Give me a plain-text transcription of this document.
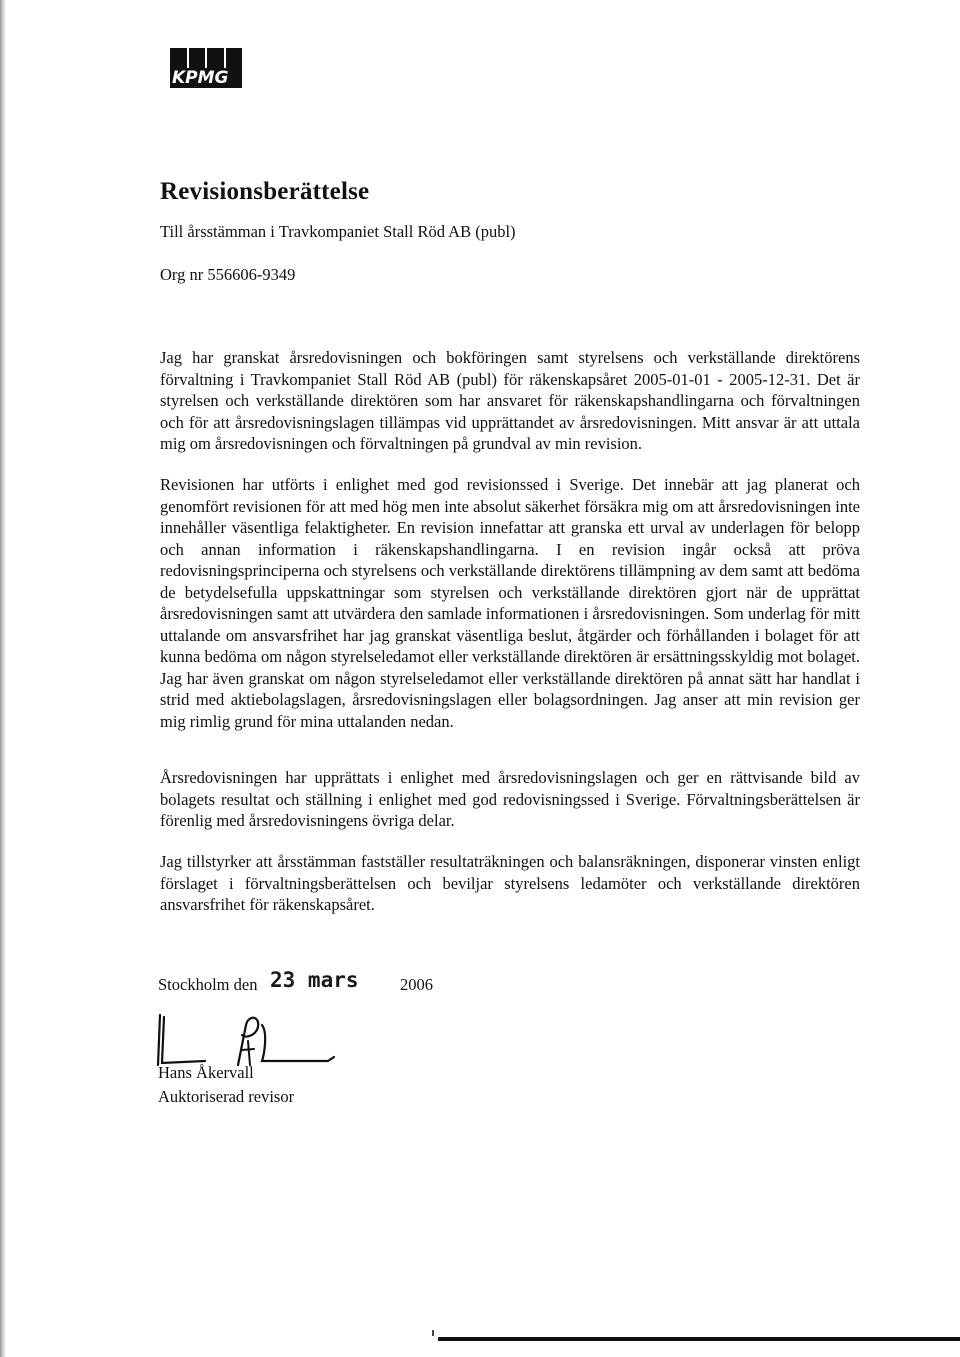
KPMG
Revisionsberättelse
Till årsstämman i Travkompaniet Stall Röd AB (publ)
Org nr 556606-9349

Jag har granskat årsredovisningen och bokföringen samt styrelsens och verkställande direktörens förvaltning i Travkompaniet Stall Röd AB (publ) för räkenskapsåret 2005-01-01 - 2005-12-31. Det är styrelsen och verkställande direktören som har ansvaret för räkenskapshandlingarna och förvaltningen och för att årsredovisningslagen tillämpas vid upprättandet av årsredovisningen. Mitt ansvar är att uttala mig om årsredovisningen och förvaltningen på grundval av min revision.

Revisionen har utförts i enlighet med god revisionssed i Sverige. Det innebär att jag planerat och genomfört revisionen för att med hög men inte absolut säkerhet försäkra mig om att årsredovisningen inte innehåller väsentliga felaktigheter. En revision innefattar att granska ett urval av underlagen för belopp och annan information i räkenskapshandlingarna. I en revision ingår också att pröva redovisningsprinciperna och styrelsens och verkställande direktörens tillämpning av dem samt att bedöma de betydelsefulla uppskattningar som styrelsen och verkställande direktören gjort när de upprättat årsredovisningen samt att utvärdera den samlade informationen i årsredovisningen. Som underlag för mitt uttalande om ansvarsfrihet har jag granskat väsentliga beslut, åtgärder och förhållanden i bolaget för att kunna bedöma om någon styrelseledamot eller verkställande direktören är ersättningsskyldig mot bolaget. Jag har även granskat om någon styrelseledamot eller verkställande direktören på annat sätt har handlat i strid med aktiebolagslagen, årsredovisningslagen eller bolagsordningen. Jag anser att min revision ger mig rimlig grund för mina uttalanden nedan.

Årsredovisningen har upprättats i enlighet med årsredovisningslagen och ger en rättvisande bild av bolagets resultat och ställning i enlighet med god redovisningssed i Sverige. Förvaltningsberättelsen är förenlig med årsredovisningens övriga delar.

Jag tillstyrker att årsstämman fastställer resultaträkningen och balansräkningen, disponerar vinsten enligt förslaget i förvaltningsberättelsen och beviljar styrelsens ledamöter och verkställande direktören ansvarsfrihet för räkenskapsåret.

Stockholm den 23 mars	2006
Hans Åkervall
Auktoriserad revisor
